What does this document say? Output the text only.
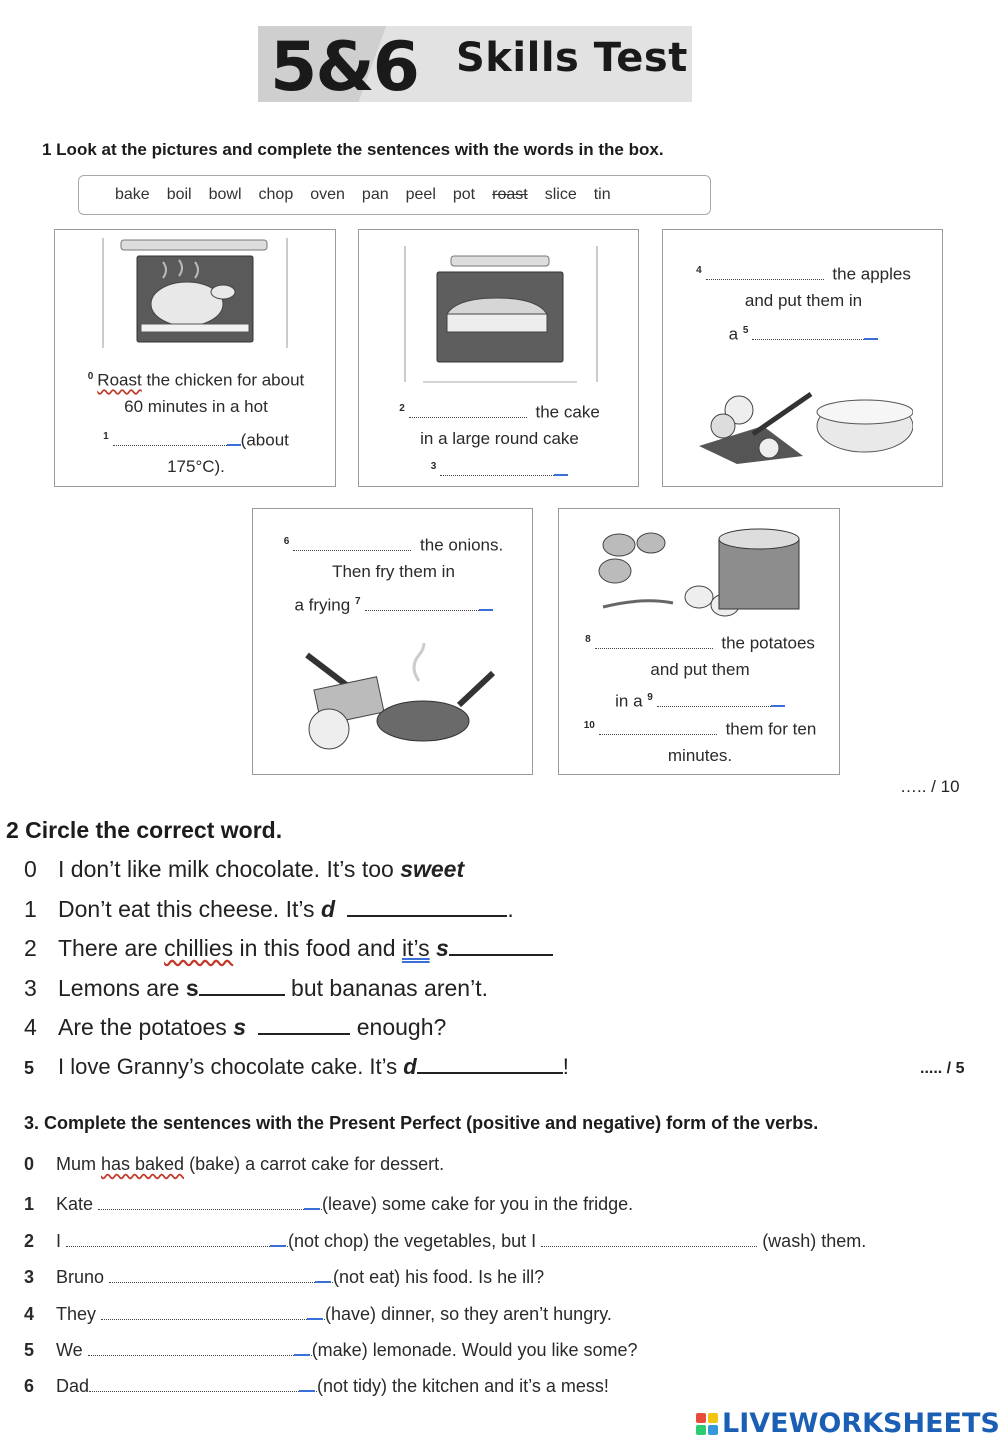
5&6 Skills Test
1 Look at the pictures and complete the sentences with the words in the box.
bake boil bowl chop oven pan peel pot roast slice tin
$^0$ Roast the chicken for about
60 minutes in a hot
$^1$	(about
175°C).
$^2$	the cake
in a large round cake
$^3$
$^4$	the apples
and put them in
a $^5$
$^6$	the onions.
Then fry them in
a frying $^7$
$^8$	the potatoes
and put them
in a $^9$
$^{10}$	them for ten
minutes.
….. / 10
2 Circle the correct word.
0 I don’t like milk chocolate. It’s too sweet
1 Don’t eat this cheese. It’s d	.
2 There are chillies in this food and it’s s
3 Lemons are s	but bananas aren’t.
4 Are the potatoes s	enough?
5 I love Granny’s chocolate cake. It’s d	!	..... / 5
3. Complete the sentences with the Present Perfect (positive and negative) form of the verbs.
0 Mum has baked (bake) a carrot cake for dessert.
1 Kate	(leave) some cake for you in the fridge.
2 I	(not chop) the vegetables, but I	(wash) them.
3 Bruno	(not eat) his food. Is he ill?
4 They	(have) dinner, so they aren’t hungry.
5 We	(make) lemonade. Would you like some?
6 Dad	(not tidy) the kitchen and it’s a mess!
LIVEWORKSHEETS
